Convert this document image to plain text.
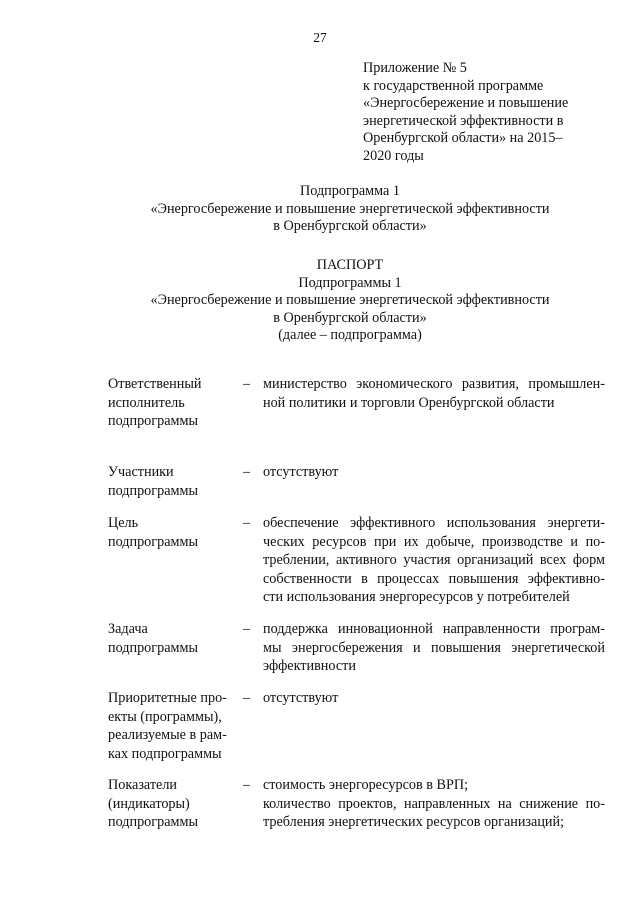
27
Приложение № 5
к государственной программе
«Энергосбережение и повышение
энергетической эффективности в
Оренбургской области» на 2015–
2020 годы
Подпрограмма 1
«Энергосбережение и повышение энергетической эффективности
в Оренбургской области»
ПАСПОРТ
Подпрограммы 1
«Энергосбережение и повышение энергетической эффективности
в Оренбургской области»
(далее – подпрограмма)
Ответственный
исполнитель
подпрограммы
– министерство экономического развития, промышлен-
ной политики и торговли Оренбургской области
Участники
подпрограммы
– отсутствуют
Цель
подпрограммы
– обеспечение эффективного использования энергети-
ческих ресурсов при их добыче, производстве и по-
треблении, активного участия организаций всех форм
собственности в процессах повышения эффективно-
сти использования энергоресурсов у потребителей
Задача
подпрограммы
– поддержка инновационной направленности програм-
мы энергосбережения и повышения энергетической
эффективности
Приоритетные про-
екты (программы),
реализуемые в рам-
ках подпрограммы
– отсутствуют
Показатели
(индикаторы)
подпрограммы
– стоимость энергоресурсов в ВРП;
количество проектов, направленных на снижение по-
требления энергетических ресурсов организаций;
